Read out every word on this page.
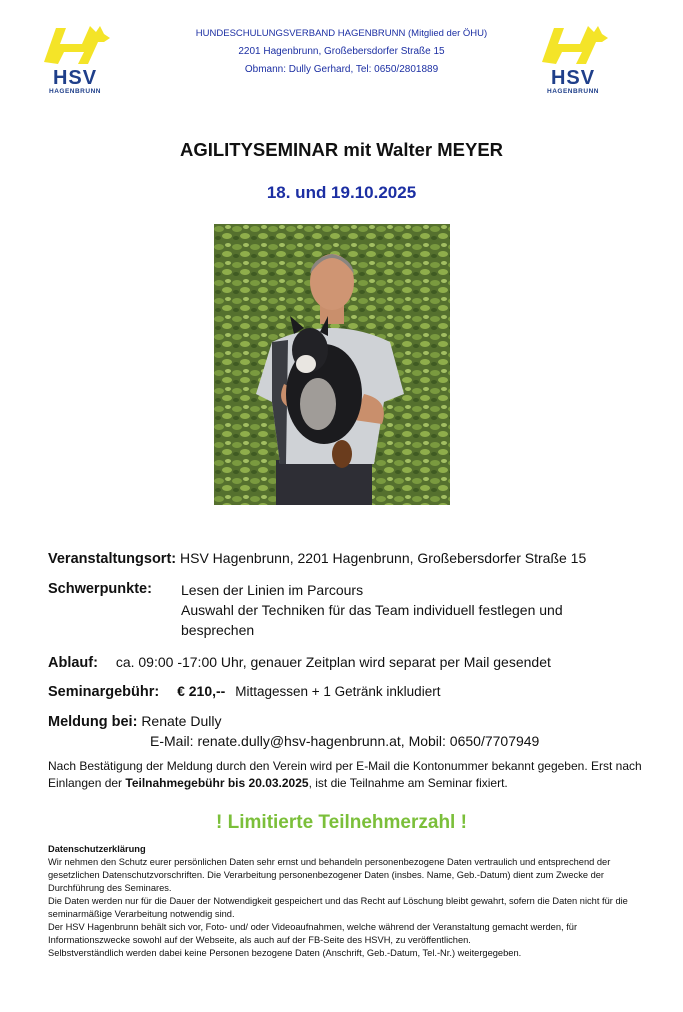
HSV
HAGENBRUNN
HSV
HAGENBRUNN
HUNDESCHULUNGSVERBAND HAGENBRUNN (Mitglied der ÖHU)
2201 Hagenbrunn, Großebersdorfer Straße 15
Obmann: Dully Gerhard, Tel: 0650/2801889
AGILITYSEMINAR mit Walter MEYER
18. und 19.10.2025
Veranstaltungsort: HSV Hagenbrunn, 2201 Hagenbrunn, Großebersdorfer Straße 15
Schwerpunkte: Lesen der Linien im Parcours
Auswahl der Techniken für das Team individuell festlegen und
besprechen
Ablauf: ca. 09:00 -17:00 Uhr, genauer Zeitplan wird separat per Mail gesendet
Seminargebühr: € 210,-- Mittagessen + 1 Getränk inkludiert
Meldung bei: Renate Dully
E-Mail: renate.dully@hsv-hagenbrunn.at, Mobil: 0650/7707949
Nach Bestätigung der Meldung durch den Verein wird per E-Mail die Kontonummer bekannt gegeben. Erst nach Einlangen der Teilnahmegebühr bis 20.03.2025, ist die Teilnahme am Seminar fixiert.
! Limitierte Teilnehmerzahl !

Datenschutzerklärung

Wir nehmen den Schutz eurer persönlichen Daten sehr ernst und behandeln personenbezogene Daten vertraulich und entsprechend der gesetzlichen Datenschutzvorschriften. Die Verarbeitung personenbezogener Daten (insbes. Name, Geb.-Datum) dient zum Zwecke der Durchführung des Seminares.

Die Daten werden nur für die Dauer der Notwendigkeit gespeichert und das Recht auf Löschung bleibt gewahrt, sofern die Daten nicht für die seminarmäßige Verarbeitung notwendig sind.

Der HSV Hagenbrunn behält sich vor, Foto- und/ oder Videoaufnahmen, welche während der Veranstaltung gemacht werden, für Informationszwecke sowohl auf der Webseite, als auch auf der FB-Seite des HSVH, zu veröffentlichen.

Selbstverständlich werden dabei keine Personen bezogene Daten (Anschrift, Geb.-Datum, Tel.-Nr.) weitergegeben.
